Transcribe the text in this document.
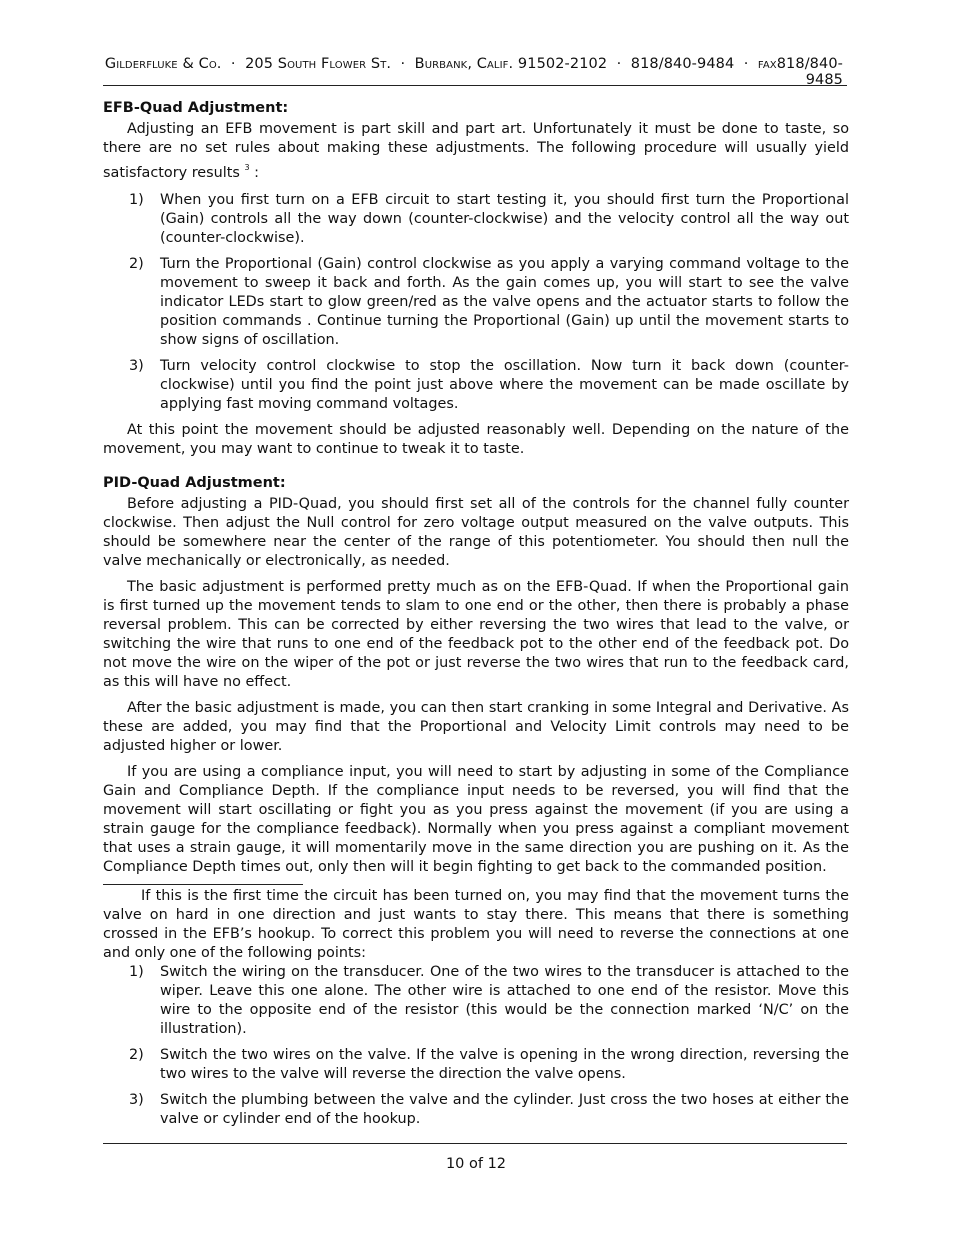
Gilderfluke & Co. · 205 South Flower St. · Burbank, Calif. 91502-2102 · 818/840-9484 · fax818/840-9485
EFB-Quad Adjustment:

Adjusting an EFB movement is part skill and part art. Unfortunately it must be done to taste, so there are no set rules about making these adjustments. The following procedure will usually yield satisfactory results $^3$ :

1) When you first turn on a EFB circuit to start testing it, you should first turn the Proportional (Gain) controls all the way down (counter-clockwise) and the velocity control all the way out (counter-clockwise).
2) Turn the Proportional (Gain) control clockwise as you apply a varying command voltage to the movement to sweep it back and forth. As the gain comes up, you will start to see the valve indicator LEDs start to glow green/red as the valve opens and the actuator starts to follow the position commands . Continue turning the Proportional (Gain) up until the movement starts to show signs of oscillation.
3) Turn velocity control clockwise to stop the oscillation. Now turn it back down (counter-clockwise) until you find the point just above where the movement can be made oscillate by applying fast moving command voltages.

At this point the movement should be adjusted reasonably well. Depending on the nature of the movement, you may want to continue to tweak it to taste.

PID-Quad Adjustment:

Before adjusting a PID-Quad, you should first set all of the controls for the channel fully counter clockwise. Then adjust the Null control for zero voltage output measured on the valve outputs. This should be somewhere near the center of the range of this potentiometer. You should then null the valve mechanically or electronically, as needed.

The basic adjustment is performed pretty much as on the EFB-Quad. If when the Proportional gain is first turned up the movement tends to slam to one end or the other, then there is probably a phase reversal problem. This can be corrected by either reversing the two wires that lead to the valve, or switching the wire that runs to one end of the feedback pot to the other end of the feedback pot. Do not move the wire on the wiper of the pot or just reverse the two wires that run to the feedback card, as this will have no effect.

After the basic adjustment is made, you can then start cranking in some Integral and Derivative. As these are added, you may find that the Proportional and Velocity Limit controls may need to be adjusted higher or lower.

If you are using a compliance input, you will need to start by adjusting in some of the Compliance Gain and Compliance Depth. If the compliance input needs to be reversed, you will find that the movement will start oscillating or fight you as you press against the movement (if you are using a strain gauge for the compliance feedback). Normally when you press against a compliant movement that uses a strain gauge, it will momentarily move in the same direction you are pushing on it. As the Compliance Depth times out, only then will it begin fighting to get back to the commanded position.

If this is the first time the circuit has been turned on, you may find that the movement turns the valve on hard in one direction and just wants to stay there. This means that there is something crossed in the EFB’s hookup. To correct this problem you will need to reverse the connections at one and only one of the following points:

1) Switch the wiring on the transducer. One of the two wires to the transducer is attached to the wiper. Leave this one alone. The other wire is attached to one end of the resistor. Move this wire to the opposite end of the resistor (this would be the connection marked ‘N/C’ on the illustration).
2) Switch the two wires on the valve. If the valve is opening in the wrong direction, reversing the two wires to the valve will reverse the direction the valve opens.
3) Switch the plumbing between the valve and the cylinder. Just cross the two hoses at either the valve or cylinder end of the hookup.
10 of 12
